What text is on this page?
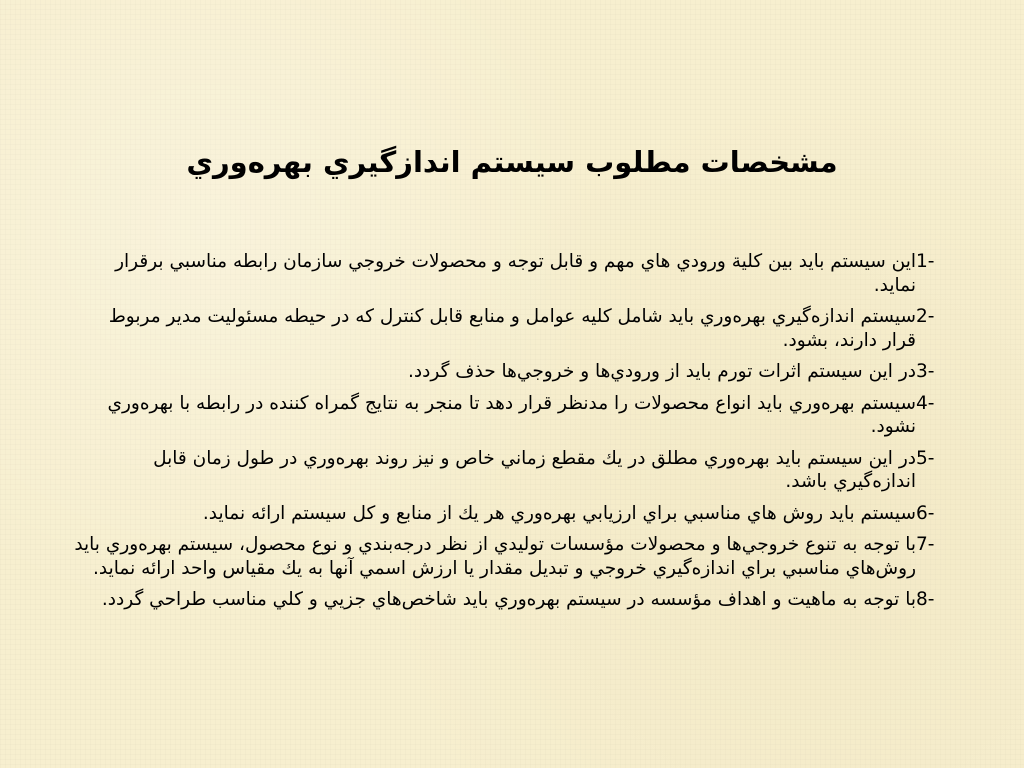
مشخصات مطلوب سيستم اندازگيري بهره‌وري
1-
اين سيستم بايد بين كلية ورودي هاي مهم و قابل توجه و محصولات خروجي سازمان رابطه مناسبي برقرار نمايد.
2-
سيستم اندازه‌گيري بهره‌وري بايد شامل كليه عوامل و منابع قابل كنترل كه در حيطه مسئوليت مدير مربوط قرار دارند، بشود.
3-
در اين سيستم اثرات تورم بايد از ورودي‌ها و خروجي‌ها حذف گردد.
4-
سيستم بهره‌وري بايد انواع محصولات را مدنظر قرار دهد تا منجر به نتايج گمراه كننده در رابطه با بهره‌وري نشود.
5-
در اين سيستم بايد بهره‌وري مطلق در يك مقطع زماني خاص و نيز روند بهره‌وري در طول زمان قابل اندازه‌گيري باشد.
6-
سيستم بايد روش هاي مناسبي براي ارزيابي بهره‌وري هر يك از منابع و كل سيستم ارائه نمايد.
7-
با توجه به تنوع خروجي‌ها و محصولات مؤسسات توليدي از نظر درجه‌بندي و نوع محصول، سيستم بهره‌وري بايد روش‌هاي مناسبي براي اندازه‌گيري خروجي و تبديل مقدار يا ارزش اسمي آنها به يك مقياس واحد ارائه نمايد.
8-
با توجه به ماهيت و اهداف مؤسسه در سيستم بهره‌وري بايد شاخص‌هاي جزيي و كلي مناسب طراحي گردد.
